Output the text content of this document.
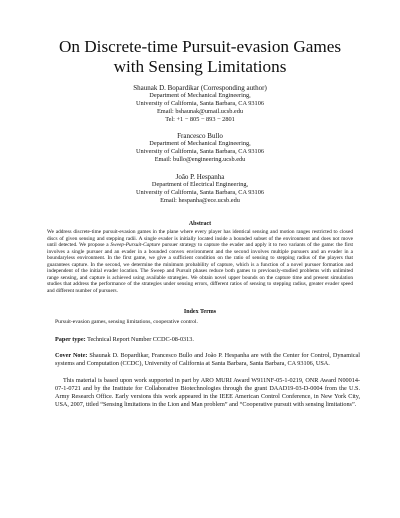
On Discrete-time Pursuit-evasion Games
with Sensing Limitations
Shaunak D. Bopardikar (Corresponding author)
Department of Mechanical Engineering,
University of California, Santa Barbara, CA 93106
Email: bshaunak@umail.ucsb.edu
Tel: +1 − 805 − 893 − 2801
Francesco Bullo
Department of Mechanical Engineering,
University of California, Santa Barbara, CA 93106
Email: bullo@engineering.ucsb.edu
João P. Hespanha
Department of Electrical Engineering,
University of California, Santa Barbara, CA 93106
Email: hespanha@ece.ucsb.edu
Abstract
We address discrete-time pursuit-evasion games in the plane where every player has identical sensing and motion ranges restricted to closed discs of given sensing and stepping radii. A single evader is initially located inside a bounded subset of the environment and does not move until detected. We propose a Sweep-Pursuit-Capture pursuer strategy to capture the evader and apply it to two variants of the game: the first involves a single pursuer and an evader in a bounded convex environment and the second involves multiple pursuers and an evader in a boundaryless environment. In the first game, we give a sufficient condition on the ratio of sensing to stepping radius of the players that guarantees capture. In the second, we determine the minimum probability of capture, which is a function of a novel pursuer formation and independent of the initial evader location. The Sweep and Pursuit phases reduce both games to previously-studied problems with unlimited range sensing, and capture is achieved using available strategies. We obtain novel upper bounds on the capture time and present simulation studies that address the performance of the strategies under sensing errors, different ratios of sensing to stepping radius, greater evader speed and different number of pursuers.
Index Terms
Pursuit-evasion games, sensing limitations, cooperative control.
Paper type: Technical Report Number CCDC-08-0313.
Cover Note: Shaunak D. Bopardikar, Francesco Bullo and João P. Hespanha are with the Center for Control, Dynamical systems and Computation (CCDC), University of California at Santa Barbara, Santa Barbara, CA 93106, USA.
This material is based upon work supported in part by ARO MURI Award W911NF-05-1-0219, ONR Award N00014-07-1-0721 and by the Institute for Collaborative Biotechnologies through the grant DAAD19-03-D-0004 from the U.S. Army Research Office. Early versions this work appeared in the IEEE American Control Conference, in New York City, USA, 2007, titled “Sensing limitations in the Lion and Man problem” and “Cooperative pursuit with sensing limitations”.
